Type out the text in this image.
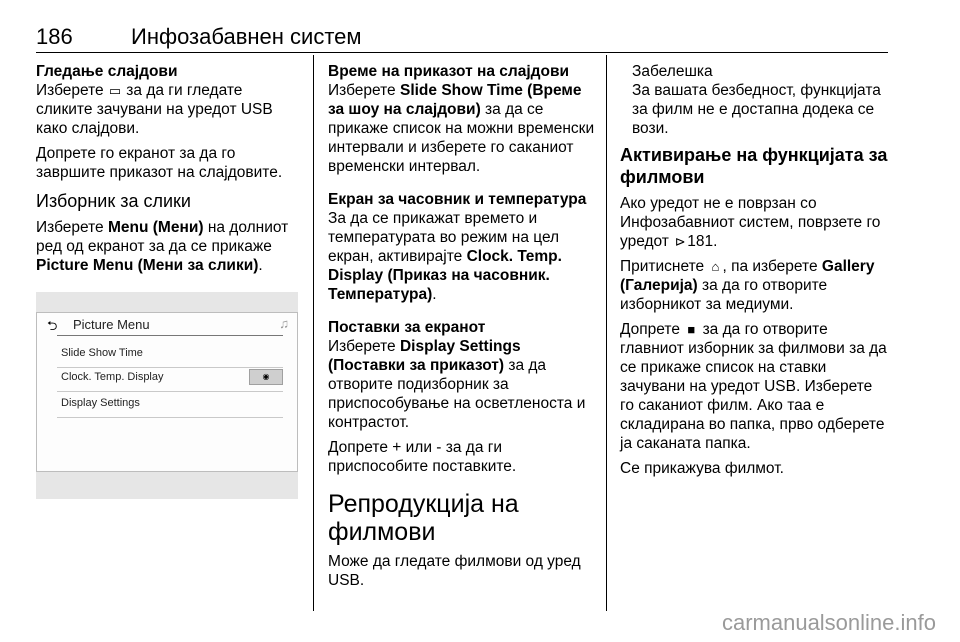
186	Инфозабавнен систем

Гледање слајдови

Изберете ▭ за да ги гледате сликите зачувани на уредот USB како слајдови.

Допрете го екранот за да го завршите приказот на слајдовите.

Изборник за слики

Изберете Menu (Мени) на долниот ред од екранот за да се прикаже Picture Menu (Мени за слики).

⮌ Picture Menu	♫
Slide Show Time
Clock. Temp. Display	◉
Display Settings

Време на приказот на слајдови

Изберете Slide Show Time (Време за шоу на слајдови) за да се прикаже список на можни временски интервали и изберете го саканиот временски интервал.

Екран за часовник и температура

За да се прикажат времето и температурата во режим на цел екран, активирајте Clock. Temp. Display (Приказ на часовник. Температура).

Поставки за екранот

Изберете Display Settings (Поставки за приказот) за да отворите подизборник за приспособување на осветленоста и контрастот.

Допрете + или - за да ги приспособите поставките.

Репродукција на филмови

Може да гледате филмови од уред USB.

Забелешка

За вашата безбедност, функцијата за филм не е достапна додека се вози.

Активирање на функцијата за филмови

Ако уредот не е поврзан со Инфозабавниот систем, поврзете го уредот ⊳181.

Притиснете ⌂ , па изберете Gallery (Галерија) за да го отворите изборникот за медиуми.

Допрете ■ за да го отворите главниот изборник за филмови за да се прикаже список на ставки зачувани на уредот USB. Изберете го саканиот филм. Ако таа е складирана во папка, прво одберете ја саканата папка.

Се прикажува филмот.

carmanualsonline.info
